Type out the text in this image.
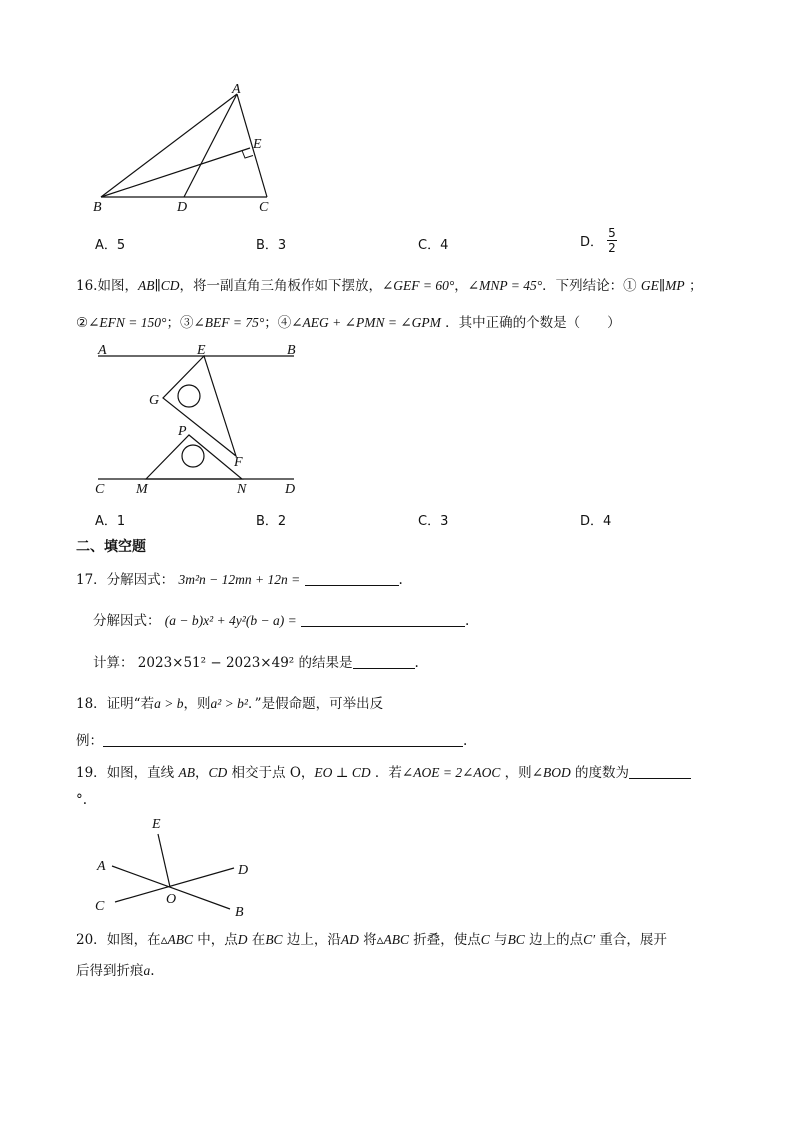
A
E
B	D	C
A．5	B．3	C．4	D． $\frac{5}{2}$
16.如图，AB∥CD，将一副直角三角板作如下摆放，∠GEF = 60°，∠MNP = 45°．下列结论：① GE∥MP ；
②∠EFN = 150°；③∠BEF = 75°；④∠AEG + ∠PMN = ∠GPM ．其中正确的个数是（　　）
A	E	B
G
P
F
C M	N	D
A．1	B．2	C．3	D．4
二、填空题
17．分解因式： 3m²n − 12mn + 12n =	.
分解因式： (a − b)x² + 4y²(b − a) =	.
计算： 2023×51² − 2023×49² 的结果是	.
18．证明“若a > b，则a² > b²．”是假命题，可举出反
例：	.
19．如图，直线 AB，CD 相交于点 O，EO ⊥ CD ．若∠AOE = 2∠AOC ，则∠BOD 的度数为
°.
E
A	D
O
C	B
20．如图，在▵ABC 中，点D 在BC 边上，沿AD 将▵ABC 折叠，使点C 与BC 边上的点C′ 重合，展开
后得到折痕a.
